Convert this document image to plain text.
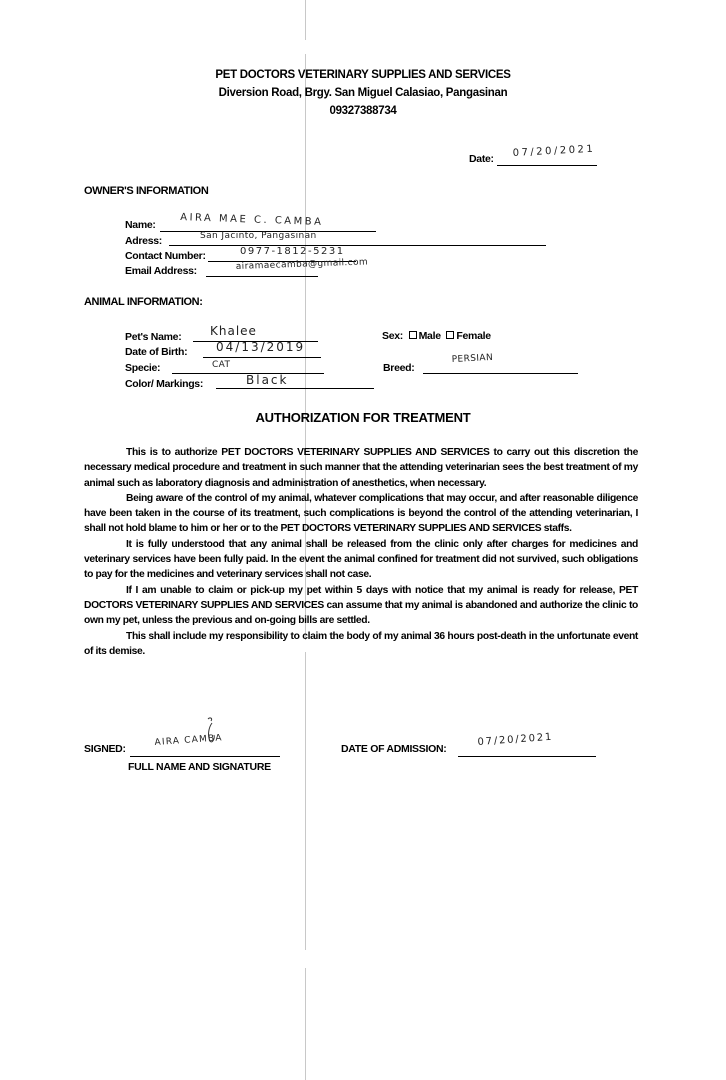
PET DOCTORS VETERINARY SUPPLIES AND SERVICES
Diversion Road, Brgy. San Miguel Calasiao, Pangasinan
09327388734
Date: 07/20/2021
OWNER'S INFORMATION
Name: AIRA MAE C. CAMBA
Adress:	San Jacinto, Pangasinan
Contact Number:	0977-1812-5231
Email Address:	airamaecamba@gmail.com
ANIMAL INFORMATION:
Pet's Name: Khalee
Date of Birth: 04/13/2019
Specie:	CAT
Color/ Markings:	Black
Sex: Male Female
Breed:
PERSIAN
AUTHORIZATION FOR TREATMENT

This is to authorize PET DOCTORS VETERINARY SUPPLIES AND SERVICES to carry out this discretion the necessary medical procedure and treatment in such manner that the attending veterinarian sees the best treatment of my animal such as laboratory diagnosis and administration of anesthetics, when necessary.

Being aware of the control of my animal, whatever complications that may occur, and after reasonable diligence have been taken in the course of its treatment, such complications is beyond the control of the attending veterinarian, I shall not hold blame to him or her or to the PET DOCTORS VETERINARY SUPPLIES AND SERVICES staffs.

It is fully understood that any animal shall be released from the clinic only after charges for medicines and veterinary services have been fully paid. In the event the animal confined for treatment did not survived, such obligations to pay for the medicines and veterinary services shall not case.

If I am unable to claim or pick-up my pet within 5 days with notice that my animal is ready for release, PET DOCTORS VETERINARY SUPPLIES AND SERVICES can assume that my animal is abandoned and authorize the clinic to own my pet, unless the previous and on-going bills are settled.

This shall include my responsibility to claim the body of my animal 36 hours post-death in the unfortunate event of its demise.

SIGNED:
AIRA CAMBA
FULL NAME AND SIGNATURE
DATE OF ADMISSION:
07/20/2021
